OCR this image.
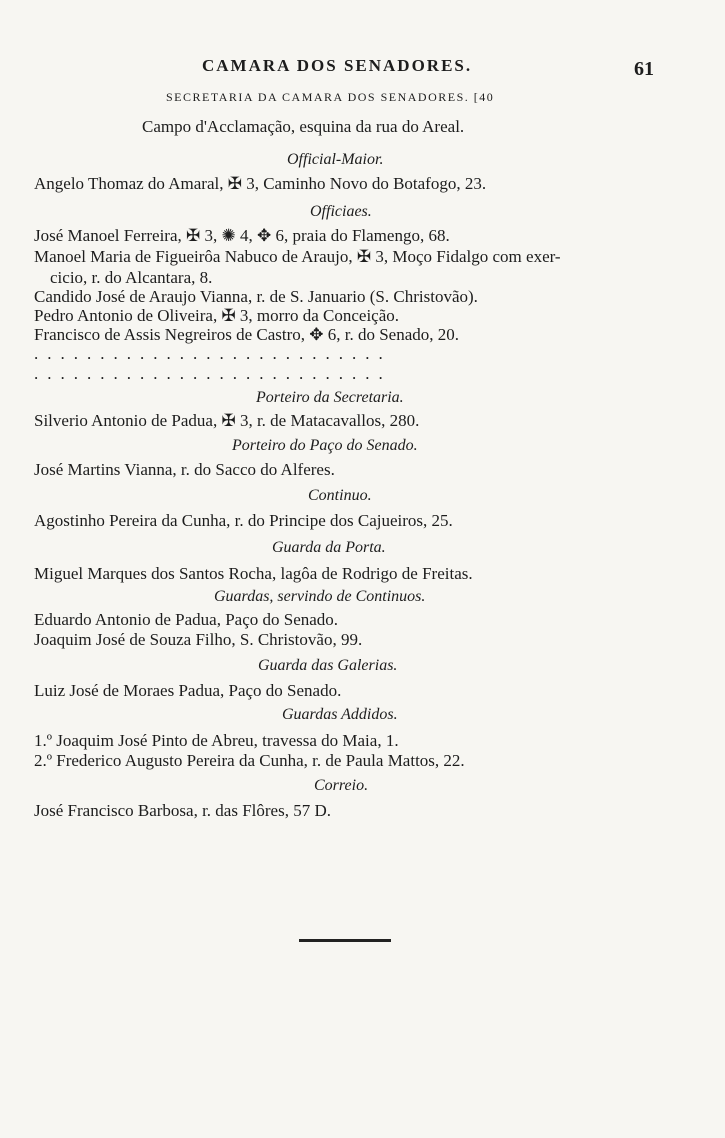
CAMARA DOS SENADORES.	61
SECRETARIA DA CAMARA DOS SENADORES. [40
Campo d'Acclamação, esquina da rua do Areal.
Official-Maior.
Angelo Thomaz do Amaral, ✠ 3, Caminho Novo do Botafogo, 23.
Officiaes.
José Manoel Ferreira, ✠ 3, ✺ 4, ✥ 6, praia do Flamengo, 68.
Manoel Maria de Figueirôa Nabuco de Araujo, ✠ 3, Moço Fidalgo com exer-
cicio, r. do Alcantara, 8.
Candido José de Araujo Vianna, r. de S. Januario (S. Christovão).
Pedro Antonio de Oliveira, ✠ 3, morro da Conceição.
Francisco de Assis Negreiros de Castro, ✥ 6, r. do Senado, 20.
...........................
...........................
Porteiro da Secretaria.
Silverio Antonio de Padua, ✠ 3, r. de Matacavallos, 280.
Porteiro do Paço do Senado.
José Martins Vianna, r. do Sacco do Alferes.
Continuo.
Agostinho Pereira da Cunha, r. do Principe dos Cajueiros, 25.
Guarda da Porta.
Miguel Marques dos Santos Rocha, lagôa de Rodrigo de Freitas.
Guardas, servindo de Continuos.
Eduardo Antonio de Padua, Paço do Senado.
Joaquim José de Souza Filho, S. Christovão, 99.
Guarda das Galerias.
Luiz José de Moraes Padua, Paço do Senado.
Guardas Addidos.
1.º Joaquim José Pinto de Abreu, travessa do Maia, 1.
2.º Frederico Augusto Pereira da Cunha, r. de Paula Mattos, 22.
Correio.
José Francisco Barbosa, r. das Flôres, 57 D.
